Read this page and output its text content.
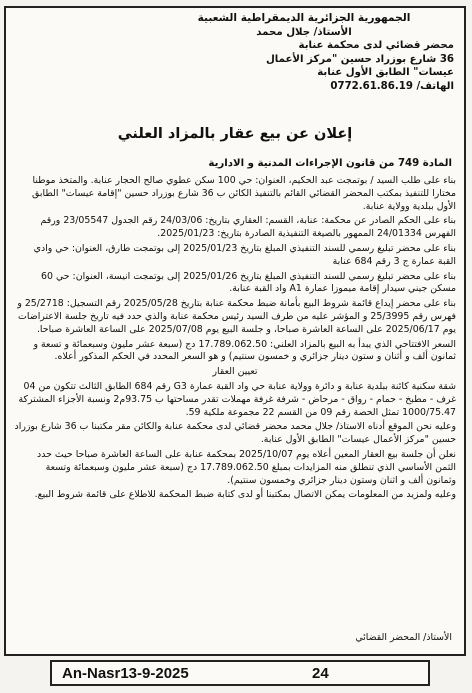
الجمهورية الجزائرية الديمقراطية الشعبية
الأستاذ/ جلال محمد
محضر قضائي لدى محكمة عنابة
36 شارع بوزراد حسين "مركز الأعمال
عيسات" الطابق الأول عنابة
الهاتف/ 0772.61.86.19
إعلان عن بيع عقار بالمزاد العلني
المادة 749 من قانون الإجراءات المدنية و الادارية

بناء على طلب السيد / بوتمجت عبد الحكيم، العنوان: حي 100 سكن عطوي صالح الحجار عنابة. والمتخذ موطنا مختارا للتنفيذ بمكتب المحضر القضائي القائم بالتنفيذ الكائن ب 36 شارع بوزراد حسين "إقامة عيسات" الطابق الأول ببلدية وولاية عنابة.

بناء على الحكم الصادر عن محكمة: عنابة، القسم: العقاري بتاريخ: 24/03/06 رقم الجدول 23/05547 ورقم الفهرس 24/01334 الممهور بالصيغة التنفيذية الصادرة بتاريخ: 2025/01/23.

بناء على محضر تبليغ رسمي للسند التنفيذي المبلغ بتاريخ 2025/01/23 إلى بوتمجت طارق، العنوان: حي وادي القبة عمارة ج 3 رقم 684 عنابة

بناء على محضر تبليغ رسمي للسند التنفيذي المبلغ بتاريخ 2025/01/26 إلى بوتمجت انيسة، العنوان: حي 60 مسكن جيني سيدار إقامة ميموزا عمارة A1 واد القبة عنابة.

بناء على محضر إيداع قائمة شروط البيع بأمانة ضبط محكمة عنابة بتاريخ 2025/05/28 رقم التسجيل: 25/2718 و فهرس رقم 25/3995 و المؤشر عليه من طرف السيد رئيس محكمة عنابة والذي حدد فيه تاريخ جلسة الاعتراضات يوم 2025/06/17 على الساعة العاشرة صباحا، و جلسة البيع يوم 2025/07/08 على الساعة العاشرة صباحا.

السعر الافتتاحي الذي يبدأ به البيع بالمزاد العلني: 17.789.062.50 دج (سبعة عشر مليون وسبعمائة و تسعة و ثمانون ألف و أثنان و ستون دينار جزائري و خمسون سنتيم) و هو السعر المحدد في الحكم المذكور أعلاه.

تعيين العقار

شقة سكنية كائنة ببلدية عنابة و دائرة وولاية عنابة حي واد القبة عمارة G3 رقم 684 الطابق الثالث تتكون من 04 غرف - مطبخ - حمام - رواق - مرحاض - شرفة غرفة مهملات تقدر مساحتها ب 93.75م2 ونسبة الأجزاء المشتركة 1000/75.47 تمثل الحصة رقم 09 من القسم 22 مجموعة ملكية 59.

وعليه نحن الموقع أدناه الاستاذ/ جلال محمد محضر قضائي لدى محكمة عنابة والكائن مقر مكتبنا ب 36 شارع بوزراد حسين "مركز الأعمال عيسات" الطابق الأول عنابة.

نعلن أن جلسة بيع العقار المعين أعلاه يوم 2025/10/07 بمحكمة عنابة على الساعة العاشرة صباحا حيث حدد الثمن الأساسي الذي تنطلق منه المزايدات بمبلغ 17.789.062.50 دج (سبعة عشر مليون وسبعمائة وتسعة وثمانون ألف و اثنان وستون دينار جزائري وخمسون سنتيم).

وعليه ولمزيد من المعلومات يمكن الاتصال بمكتبنا أو لدى كتابة ضبط المحكمة للاطلاع على قائمة شروط البيع.

الأستاذ/ المحضر القضائي
An-Nasr13-9-2025	24
